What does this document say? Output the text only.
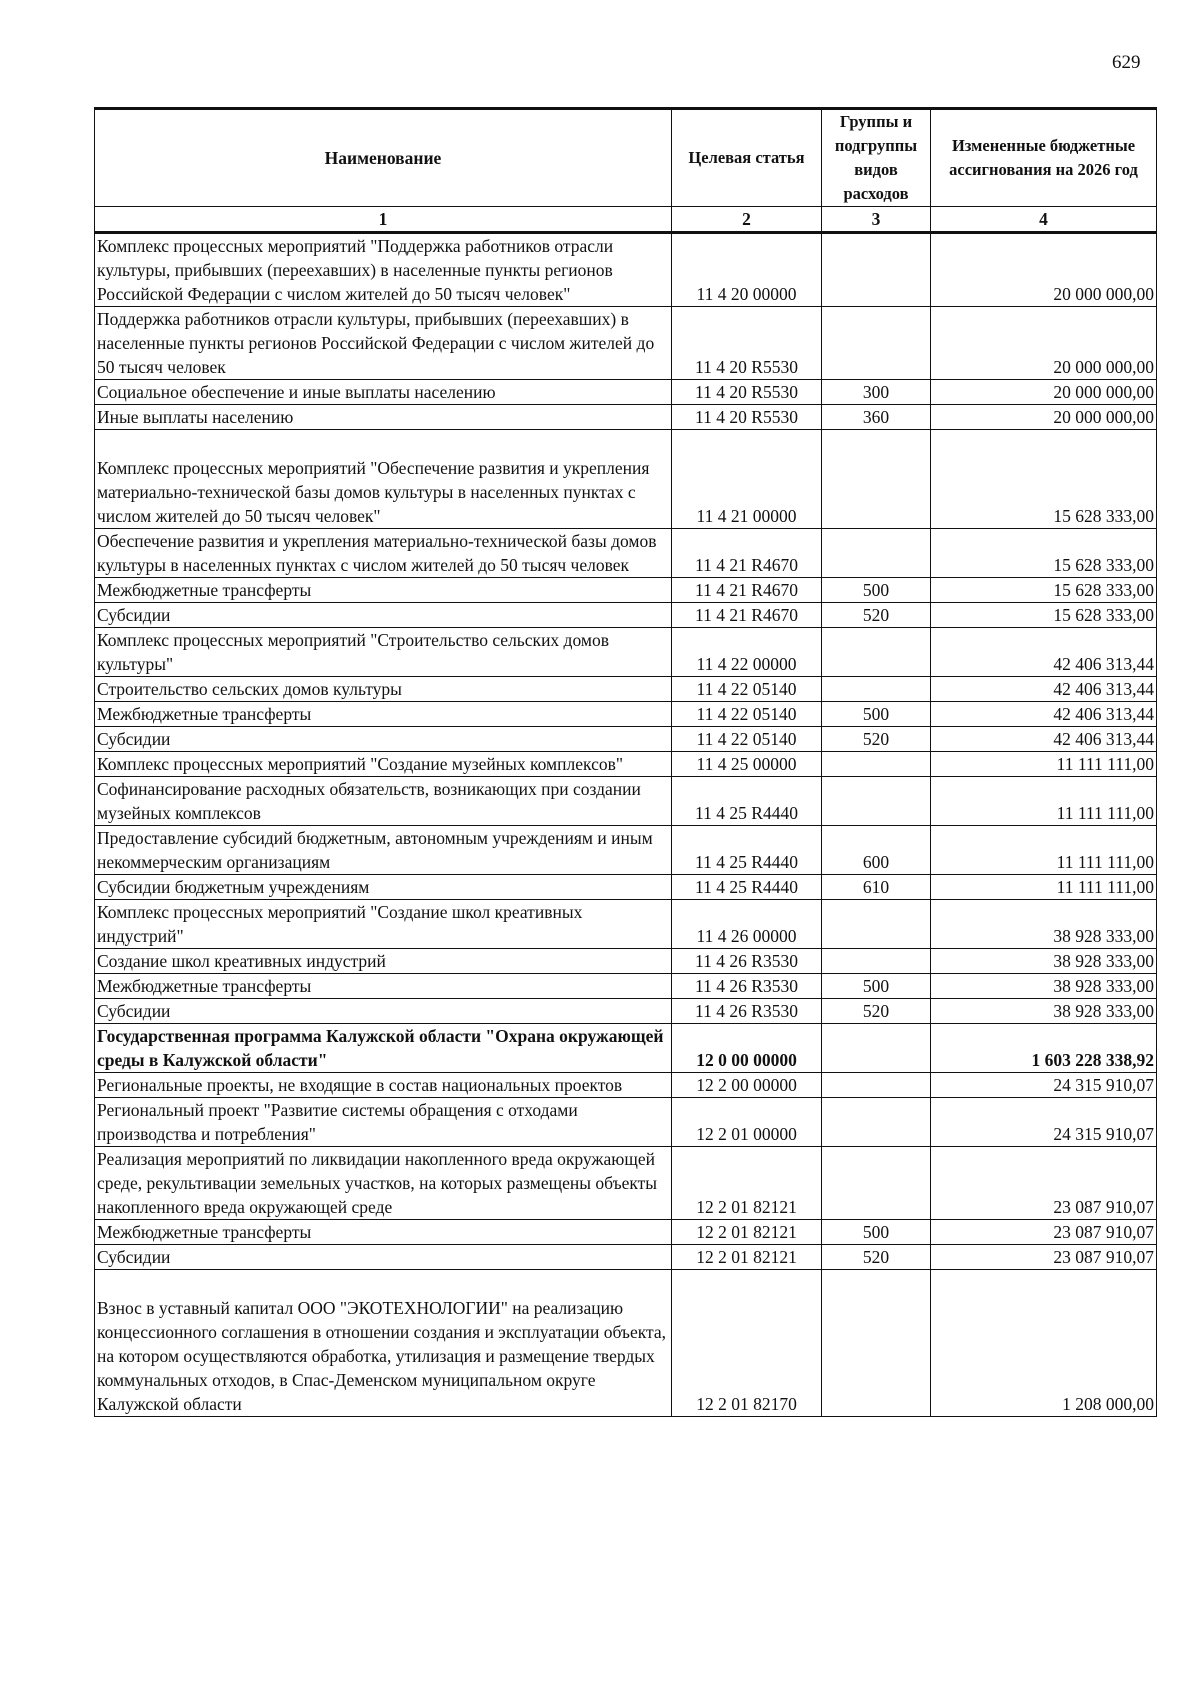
629
Наименование	Целевая статья	Группы и подгруппы видов расходов	Измененные бюджетные ассигнования на 2026 год
1	2	3	4
Комплекс процессных мероприятий "Поддержка работников отрасли культуры, прибывших (переехавших) в населенные пункты регионов Российской Федерации с числом жителей до 50 тысяч человек"	11 4 20 00000		20 000 000,00
Поддержка работников отрасли культуры, прибывших (переехавших) в населенные пункты регионов Российской Федерации с числом жителей до 50 тысяч человек	11 4 20 R5530		20 000 000,00
Социальное обеспечение и иные выплаты населению	11 4 20 R5530	300	20 000 000,00
Иные выплаты населению	11 4 20 R5530	360	20 000 000,00
Комплекс процессных мероприятий "Обеспечение развития и укрепления материально-технической базы домов культуры в населенных пунктах с числом жителей до 50 тысяч человек"	11 4 21 00000		15 628 333,00
Обеспечение развития и укрепления материально-технической базы домов культуры в населенных пунктах с числом жителей до 50 тысяч человек	11 4 21 R4670		15 628 333,00
Межбюджетные трансферты	11 4 21 R4670	500	15 628 333,00
Субсидии	11 4 21 R4670	520	15 628 333,00
Комплекс процессных мероприятий "Строительство сельских домов культуры"	11 4 22 00000		42 406 313,44
Строительство сельских домов культуры	11 4 22 05140		42 406 313,44
Межбюджетные трансферты	11 4 22 05140	500	42 406 313,44
Субсидии	11 4 22 05140	520	42 406 313,44
Комплекс процессных мероприятий "Создание музейных комплексов"	11 4 25 00000		11 111 111,00
Софинансирование расходных обязательств, возникающих при создании музейных комплексов	11 4 25 R4440		11 111 111,00
Предоставление субсидий бюджетным, автономным учреждениям и иным некоммерческим организациям	11 4 25 R4440	600	11 111 111,00
Субсидии бюджетным учреждениям	11 4 25 R4440	610	11 111 111,00
Комплекс процессных мероприятий "Создание школ креативных индустрий"	11 4 26 00000		38 928 333,00
Создание школ креативных индустрий	11 4 26 R3530		38 928 333,00
Межбюджетные трансферты	11 4 26 R3530	500	38 928 333,00
Субсидии	11 4 26 R3530	520	38 928 333,00
Государственная программа Калужской области "Охрана окружающей среды в Калужской области"	12 0 00 00000		1 603 228 338,92
Региональные проекты, не входящие в состав национальных проектов	12 2 00 00000		24 315 910,07
Региональный проект "Развитие системы обращения с отходами производства и потребления"	12 2 01 00000		24 315 910,07
Реализация мероприятий по ликвидации накопленного вреда окружающей среде, рекультивации земельных участков, на которых размещены объекты накопленного вреда окружающей среде	12 2 01 82121		23 087 910,07
Межбюджетные трансферты	12 2 01 82121	500	23 087 910,07
Субсидии	12 2 01 82121	520	23 087 910,07
Взнос в уставный капитал ООО "ЭКОТЕХНОЛОГИИ" на реализацию концессионного соглашения в отношении создания и эксплуатации объекта, на котором осуществляются обработка, утилизация и размещение твердых коммунальных отходов, в Спас-Деменском муниципальном округе Калужской области	12 2 01 82170		1 208 000,00
